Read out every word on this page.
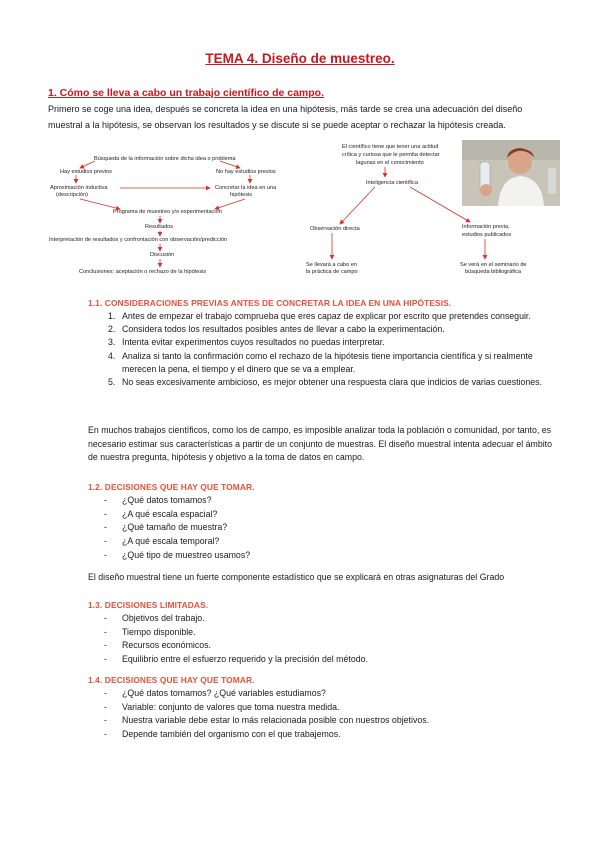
TEMA 4. Diseño de muestreo.
1. Cómo se lleva a cabo un trabajo científico de campo.

Primero se coge una idea, después se concreta la idea en una hipótesis, más tarde se crea una adecuación del diseño muestral a la hipótesis, se observan los resultados y se discute si se puede aceptar o rechazar la hipótesis creada.

Búsqueda de la información sobre dicha idea o problema
Hay estudios previos	No hay estudios previos
Aproximación inductiva
(descripción)
Concretar la idea en una
hipótesis
Programa de muestreo y/o experimentación
Resultados
Interpretación de resultados y confrontación con observación/predicción
Discusión
Conclusiones: aceptación o rechazo de la hipótesis
El científico tiene que tener una actitud
crítica y curiosa que le permita detectar
lagunas en el conocimiento
Inteligencia científica
Observación directa	Información previa,
estudios publicados
Se llevará a cabo en
la práctica de campo
Se verá en el seminario de
búsqueda bibliográfica
1.1. CONSIDERACIONES PREVIAS ANTES DE CONCRETAR LA IDEA EN UNA HIPÓTESIS.
1. Antes de empezar el trabajo comprueba que eres capaz de explicar por escrito que pretendes conseguir.
2. Considera todos los resultados posibles antes de llevar a cabo la experimentación.
3. Intenta evitar experimentos cuyos resultados no puedas interpretar.
4. Analiza si tanto la confirmación como el rechazo de la hipótesis tiene importancia científica y si realmente merecen la pena, el tiempo y el dinero que se va a emplear.
5. No seas excesivamente ambicioso, es mejor obtener una respuesta clara que indicios de varias cuestiones.

En muchos trabajos científicos, como los de campo, es imposible analizar toda la población o comunidad, por tanto, es necesario estimar sus características a partir de un conjunto de muestras. El diseño muestral intenta adecuar el ámbito de nuestra pregunta, hipótesis y objetivo a la toma de datos en campo.

1.2. DECISIONES QUE HAY QUE TOMAR.
- ¿Qué datos tomamos?
- ¿A qué escala espacial?
- ¿Qué tamaño de muestra?
- ¿A qué escala temporal?
- ¿Qué tipo de muestreo usamos?

El diseño muestral tiene un fuerte componente estadístico que se explicará en otras asignaturas del Grado

1.3. DECISIONES LIMITADAS.
- Objetivos del trabajo.
- Tiempo disponible.
- Recursos económicos.
- Equilibrio entre el esfuerzo requerido y la precisión del método.
1.4. DECISIONES QUE HAY QUE TOMAR.
- ¿Qué datos tomamos? ¿Qué variables estudiamos?
- Variable: conjunto de valores que toma nuestra medida.
- Nuestra variable debe estar lo más relacionada posible con nuestros objetivos.
- Depende también del organismo con el que trabajemos.
